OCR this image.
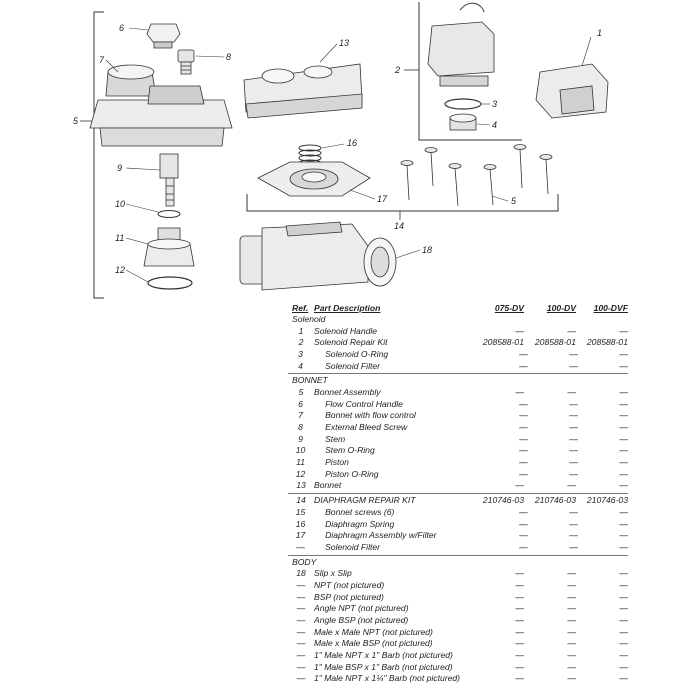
1
2
3
4
5
5
6
7	8
9
10
11
12
13
14
16
17
18
Ref. Part Description	075-DV	100-DV	100-DVF
Solenoid
1	Solenoid Handle	—	—	—
2	Solenoid Repair Kit	208588-01	208588-01	208588-01
3	Solenoid O-Ring	—	—	—
4	Solenoid Filter	—	—	—
BONNET
5	Bonnet Assembly	—	—	—
6	Flow Control Handle	—	—	—
7	Bonnet with flow control	—	—	—
8	External Bleed Screw	—	—	—
9	Stem	—	—	—
10	Stem O-Ring	—	—	—
11	Piston	—	—	—
12	Piston O-Ring	—	—	—
13 Bonnet	—	—	—
14 DIAPHRAGM REPAIR KIT	210746-03	210746-03	210746-03
15	Bonnet screws (6)	—	—	—
16	Diaphragm Spring	—	—	—
17	Diaphragm Assembly w/Filter	—	—	—
—	Solenoid Filter	—	—	—
BODY
18 Slip x Slip	—	—	—
—	NPT (not pictured)	—	—	—
—	BSP (not pictured)	—	—	—
—	Angle NPT (not pictured)	—	—	—
—	Angle BSP (not pictured)	—	—	—
—	Male x Male NPT (not pictured)	—	—	—
—	Male x Male BSP (not pictured)	—	—	—
—	1" Male NPT x 1" Barb (not pictured)	—	—	—
—	1" Male BSP x 1" Barb (not pictured)	—	—	—
—	1" Male NPT x 1¼" Barb (not pictured)	—	—	—
